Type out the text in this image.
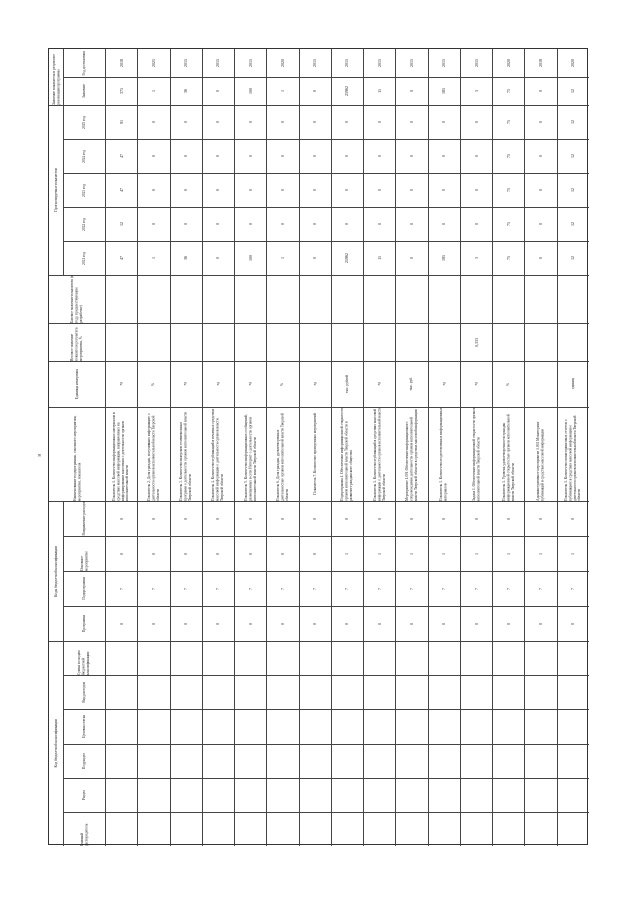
8
Значение показателя в результате реализации программы
Год достижения
Значение
Прогнозируемые показатели
2025 год
2024 год
2023 год
2022 год
2021 год
Базовое значение показателя (в году, предшествующем разработке)
Весовое значение показателя результата мероприятия, %
Единица измерения
Наименование подпрограммы, основного мероприятия, мероприятия, показателя
Коды бюджетной классификации
Направление расходов
Основное мероприятие
Подпрограмма
Программа
Код бюджетной классификации
Сумма по кодам бюджетной классификации
Вид расходов
Целевая статья
Подраздел
Раздел
Главный распорядитель
2018
375
91
47
47
12
47
ед
Показатель 1. Количество информационных материалов в средствах массовой информации, направленных на информирование населения о деятельности органов исполнительной власти
0
0
7
0
2025
1
0
0
0
0
1
%
Показатель 2. Доля граждан, получивших информацию о деятельности органов исполнительной власти Тверской области
0
0
7
0
2015
36
0
0
0
0
36
ед
Показатель 3. Количество выпусков телевизионных программ о деятельности органов исполнительной власти Тверской области
0
0
7
0
2015
0
0
0
0
0
0
ед
Показатель 4. Количество публикаций в печатных средствах массовой информации о деятельности органов власти Тверской области
0
0
7
0
2015
100
0
0
0
0
100
ед
Показатель 5. Количество информационных сообщений, размещенных в сети Интернет о деятельности органов исполнительной власти Тверской области
0
0
7
0
2020
1
0
0
0
0
1
%
Показатель 6. Доля граждан, удовлетворенных деятельностью органов исполнительной власти Тверской области
0
0
7
0
2015
0
0
0
0
0
0
ед
Показатель 7. Количество проведенных мероприятий
0
0
7
0
2015
25962
0
0
0
0
25962
тыс. рублей
Подпрограмма 1. Обеспечение информационной открытости органов исполнительной власти Тверской области и развитие гражданского общества
0
1
7
0
2015
11
0
0
0
0
11
ед
Показатель 1. Количество публикаций в средствах массовой информации о деятельности органов исполнительной власти Тверской области
0
1
7
0
2015
0
0
0
0
0
0
тыс. руб.
Мероприятие 1.001 Обеспечение информационного сопровождения деятельности органов исполнительной власти Тверской области в средствах массовой информации
0
1
7
0
2015
185
0
0
0
0
185
ед
Показатель 1. Количество подготовленных информационных материалов
0
1
7
0
2015
3
0
0
0
0
3
0,333
ед
Задача 1. Обеспечение информационной открытости органов исполнительной власти Тверской области
0
1
7
0
2020
75
75
75
75
75
75
%
Показатель 1. Уровень удовлетворенности граждан информационной открытостью органов исполнительной власти Тверской области
0
1
7
0
2018
0
0
0
0
0
0
Административное мероприятие 1.002 Мониторинг публикаций в средствах массовой информации
0
1
7
0
2020
12
12
12
12
12
12
единиц
Показатель 1. Количество мониторинговых отчетов о публикациях в средствах массовой информации о деятельности органов исполнительной власти Тверской области
0
1
7
0
